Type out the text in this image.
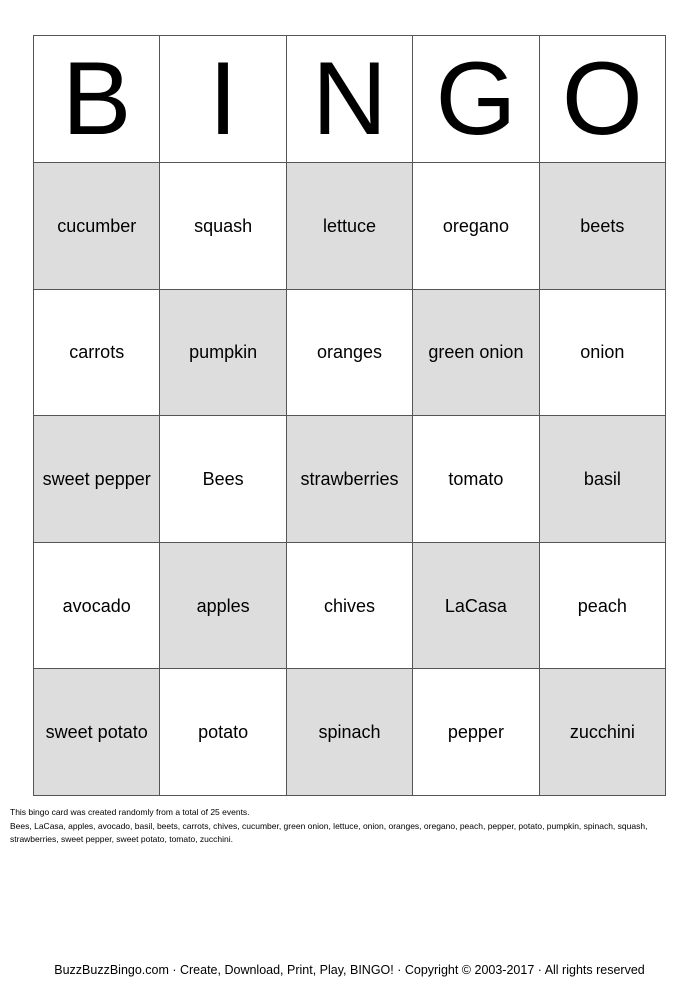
B I N G O
cucumber	squash	lettuce	oregano	beets
carrots	pumpkin	oranges	green onion	onion
sweet pepper	Bees	strawberries	tomato	basil
avocado	apples	chives	LaCasa	peach
sweet potato	potato	spinach	pepper	zucchini
This bingo card was created randomly from a total of 25 events.
Bees, LaCasa, apples, avocado, basil, beets, carrots, chives, cucumber, green onion, lettuce, onion, oranges, oregano, peach, pepper, potato, pumpkin, spinach, squash, strawberries, sweet pepper, sweet potato, tomato, zucchini.
BuzzBuzzBingo.com · Create, Download, Print, Play, BINGO! · Copyright © 2003-2017 · All rights reserved
